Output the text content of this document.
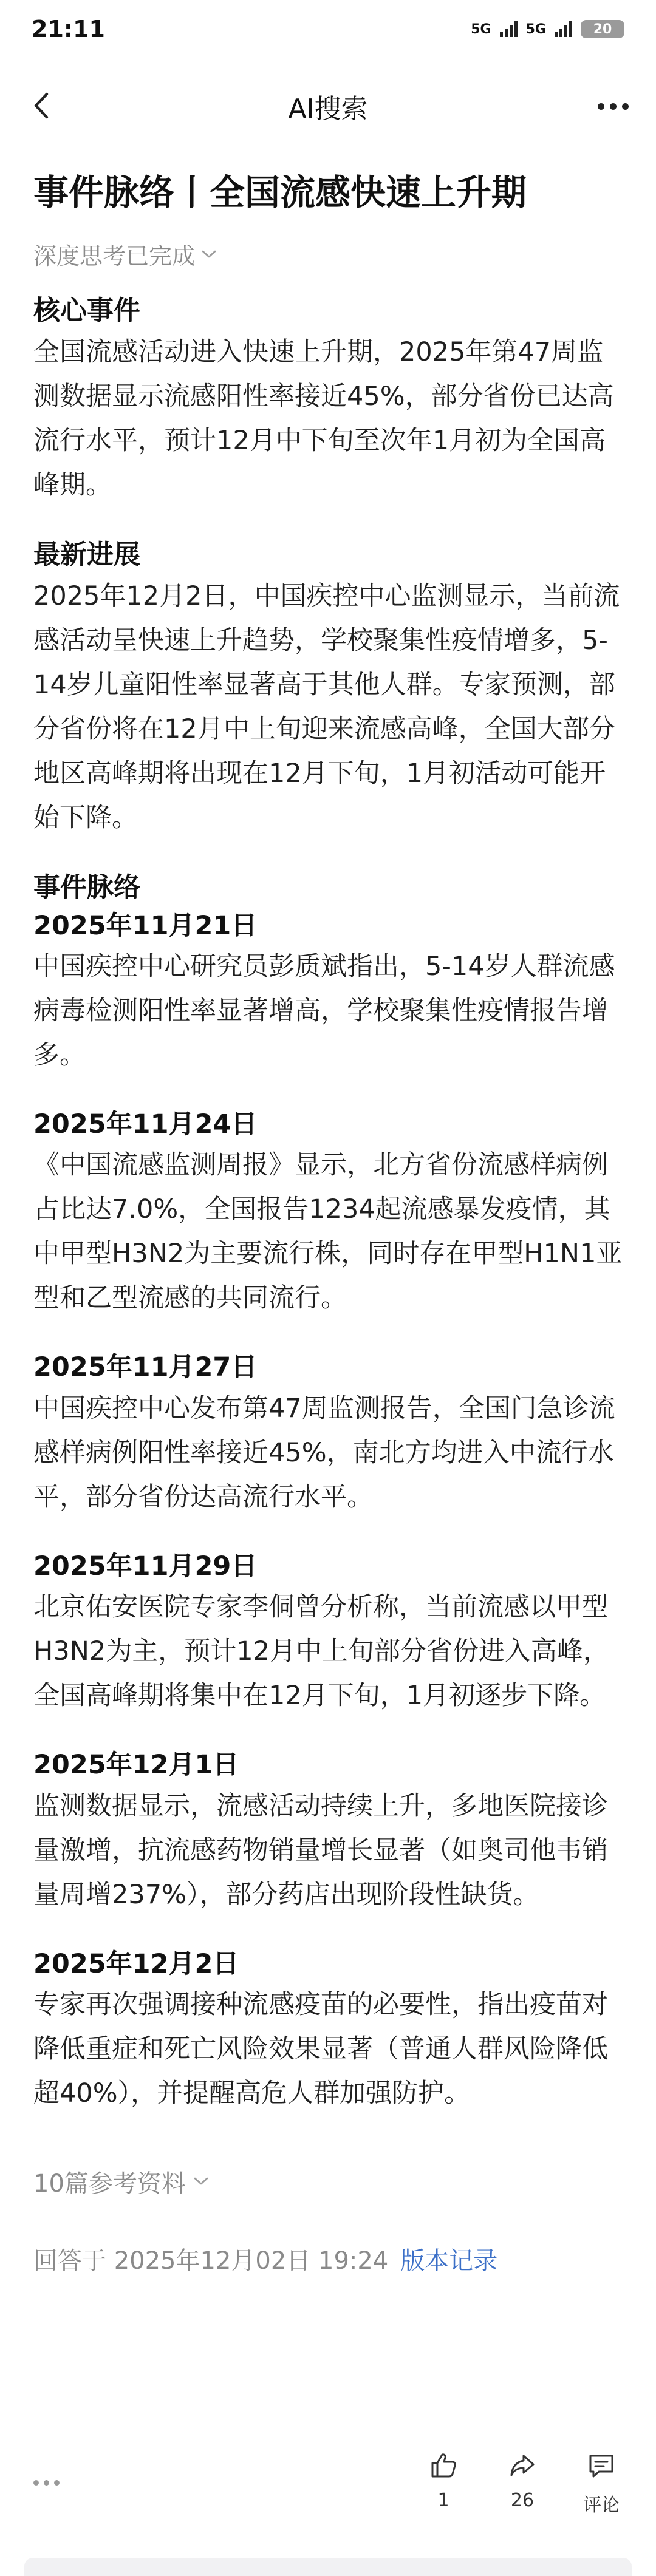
21:11	5G	5G	20
AI搜索
事件脉络丨全国流感快速上升期
深度思考已完成
核心事件

全国流感活动进入快速上升期，2025年第47周监测数据显示流感阳性率接近45%，部分省份已达高流行水平，预计12月中下旬至次年1月初为全国高峰期。

最新进展

2025年12月2日，中国疾控中心监测显示，当前流感活动呈快速上升趋势，学校聚集性疫情增多，5-14岁儿童阳性率显著高于其他人群。专家预测，部分省份将在12月中上旬迎来流感高峰，全国大部分地区高峰期将出现在12月下旬，1月初活动可能开始下降。

事件脉络
2025年11月21日

中国疾控中心研究员彭质斌指出，5-14岁人群流感病毒检测阳性率显著增高，学校聚集性疫情报告增多。

2025年11月24日

《中国流感监测周报》显示，北方省份流感样病例占比达7.0%，全国报告1234起流感暴发疫情，其中甲型H3N2为主要流行株，同时存在甲型H1N1亚型和乙型流感的共同流行。

2025年11月27日

中国疾控中心发布第47周监测报告，全国门急诊流感样病例阳性率接近45%，南北方均进入中流行水平，部分省份达高流行水平。

2025年11月29日

北京佑安医院专家李侗曾分析称，当前流感以甲型H3N2为主，预计12月中上旬部分省份进入高峰，全国高峰期将集中在12月下旬，1月初逐步下降。

2025年12月1日

监测数据显示，流感活动持续上升，多地医院接诊量激增，抗流感药物销量增长显著（如奥司他韦销量周增237%），部分药店出现阶段性缺货。

2025年12月2日

专家再次强调接种流感疫苗的必要性，指出疫苗对降低重症和死亡风险效果显著（普通人群风险降低超40%），并提醒高危人群加强防护。

10篇参考资料
回答于 2025年12月02日 19:24 版本记录
1	26	评论
